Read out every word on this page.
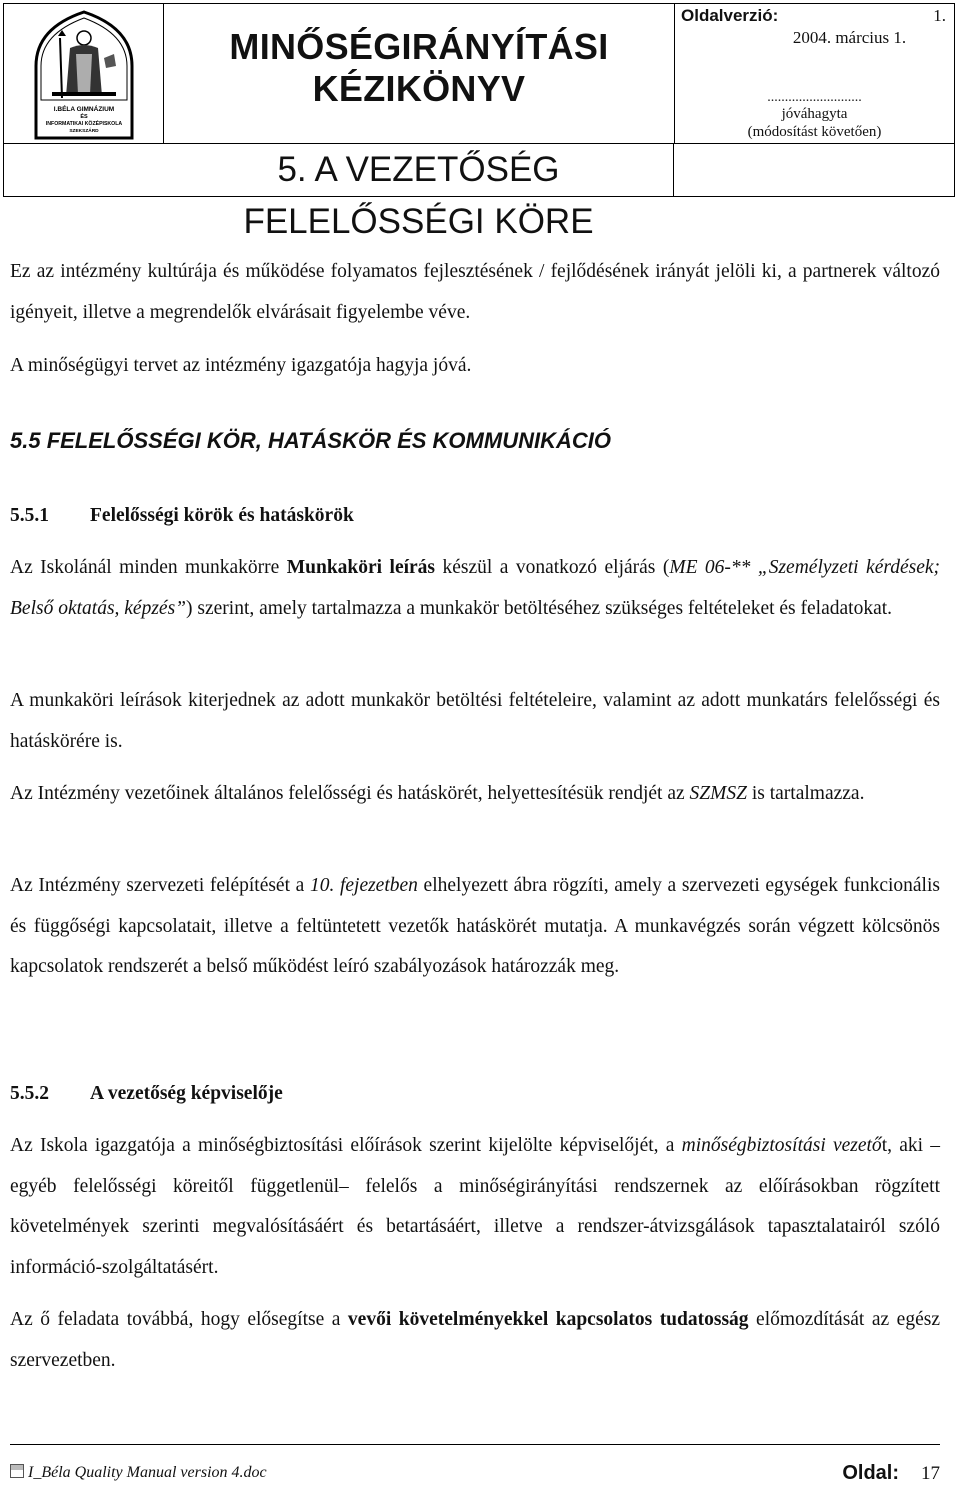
I.BÉLA GIMNÁZIUM
ÉS
INFORMATIKAI KÖZÉPISKOLA
SZEKSZÁRD
MINŐSÉGIRÁNYÍTÁSI
KÉZIKÖNYV
Oldalverzió:	1.
2004. március 1.
...........................
jóváhagyta
(módosítást követően)
5. A VEZETŐSÉG FELELŐSSÉGI KÖRE

Ez az intézmény kultúrája és működése folyamatos fejlesztésének / fejlődésének irányát jelöli ki, a partnerek változó igényeit, illetve a megrendelők elvárásait figyelembe véve.

A minőségügyi tervet az intézmény igazgatója hagyja jóvá.

5.5 FELELŐSSÉGI KÖR, HATÁSKÖR ÉS KOMMUNIKÁCIÓ
5.5.1 Felelősségi körök és hatáskörök

Az Iskolánál minden munkakörre Munkaköri leírás készül a vonatkozó eljárás (ME 06-** „Személyzeti kérdések; Belső oktatás, képzés”) szerint, amely tartalmazza a munkakör betöltéséhez szükséges feltételeket és feladatokat.

A munkaköri leírások kiterjednek az adott munkakör betöltési feltételeire, valamint az adott munkatárs felelősségi és hatáskörére is.

Az Intézmény vezetőinek általános felelősségi és hatáskörét, helyettesítésük rendjét az SZMSZ is tartalmazza.

Az Intézmény szervezeti felépítését a 10. fejezetben elhelyezett ábra rögzíti, amely a szervezeti egységek funkcionális és függőségi kapcsolatait, illetve a feltüntetett vezetők hatáskörét mutatja. A munkavégzés során végzett kölcsönös kapcsolatok rendszerét a belső működést leíró szabályozások határozzák meg.

5.5.2 A vezetőség képviselője

Az Iskola igazgatója a minőségbiztosítási előírások szerint kijelölte képviselőjét, a minőségbiztosítási vezetőt, aki –egyéb felelősségi köreitől függetlenül– felelős a minőségirányítási rendszernek az előírásokban rögzített követelmények szerinti megvalósításáért és betartásáért, illetve a rendszer-átvizsgálások tapasztalatairól szóló információ-szolgáltatásért.

Az ő feladata továbbá, hogy elősegítse a vevői követelményekkel kapcsolatos tudatosság előmozdítását az egész szervezetben.

I_Béla Quality Manual version 4.doc	Oldal: 17
